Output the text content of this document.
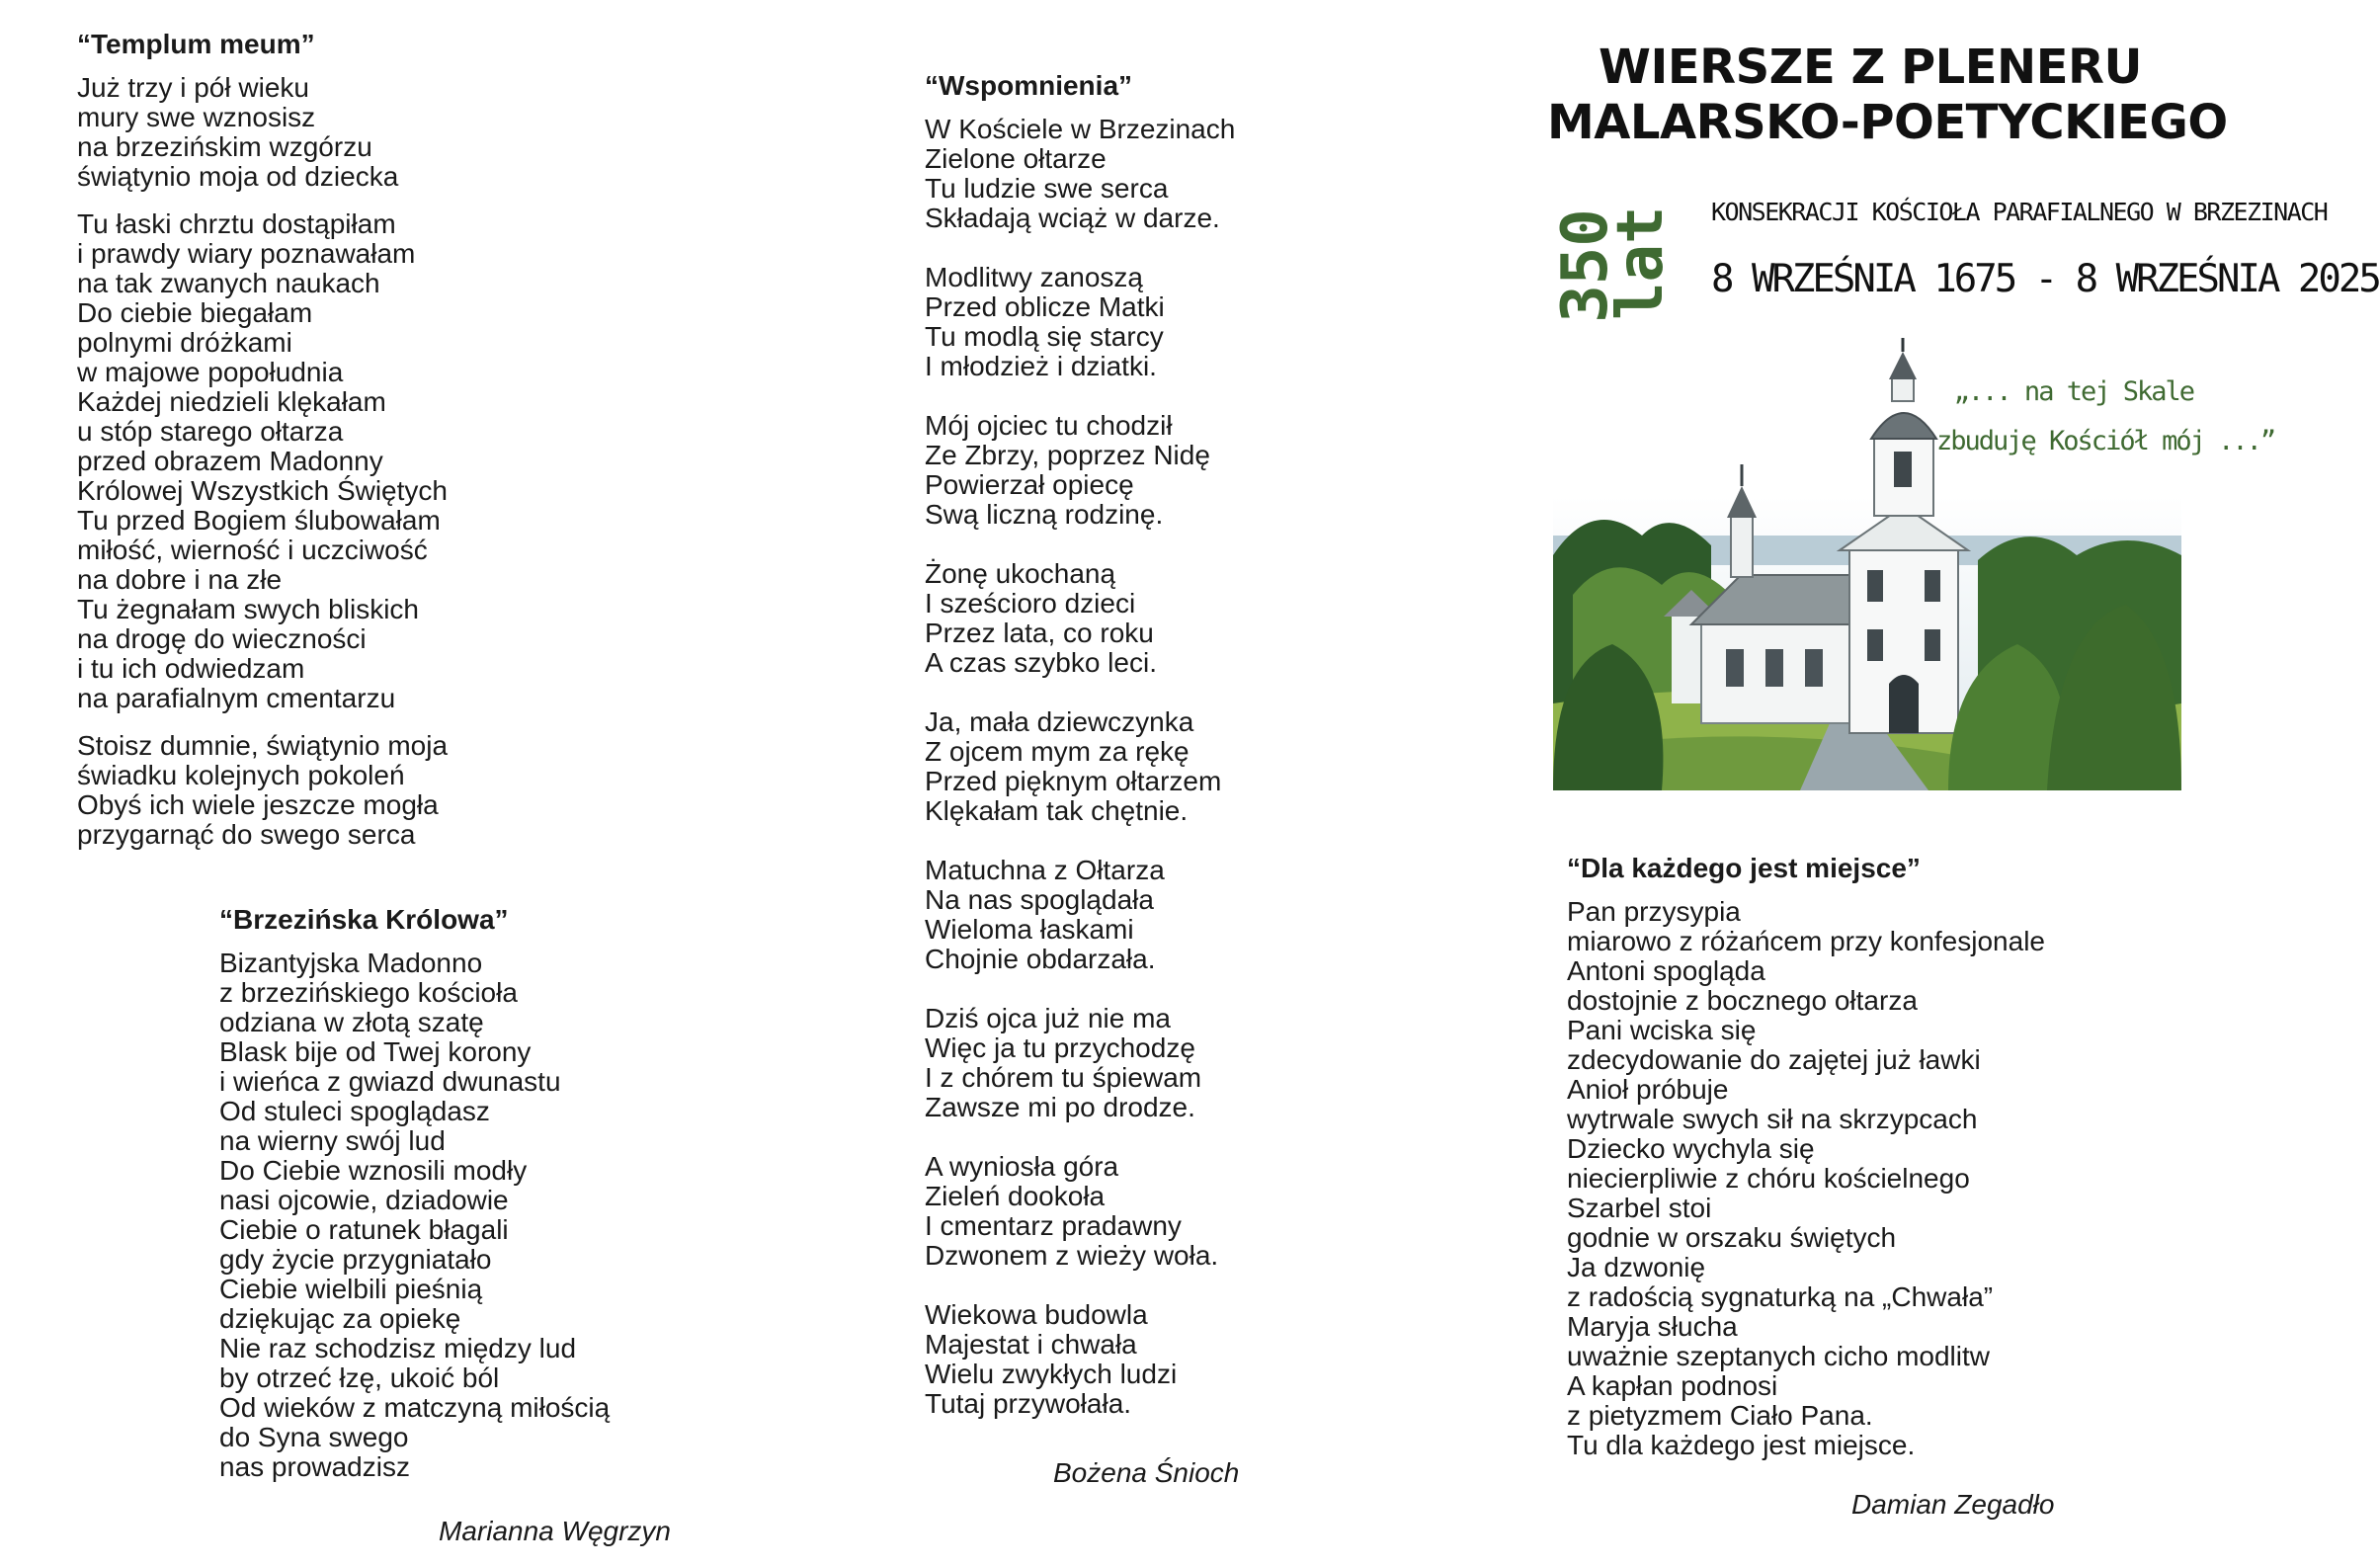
WIERSZE Z PLENERU
MALARSKO-POETYCKIEGO
350
lat KONSEKRACJI KOŚCIOŁA PARAFIALNEGO W BRZEZINACH
8 WRZEŚNIA 1675 - 8 WRZEŚNIA 2025
„... na tej Skale
zbuduję Kościół mój ...”
“Templum meum”
Już trzy i pół wieku
mury swe wznosisz
na brzezińskim wzgórzu
świątynio moja od dziecka
Tu łaski chrztu dostąpiłam
i prawdy wiary poznawałam
na tak zwanych naukach
Do ciebie biegałam
polnymi dróżkami
w majowe popołudnia
Każdej niedzieli klękałam
u stóp starego ołtarza
przed obrazem Madonny
Królowej Wszystkich Świętych
Tu przed Bogiem ślubowałam
miłość, wierność i uczciwość
na dobre i na złe
Tu żegnałam swych bliskich
na drogę do wieczności
i tu ich odwiedzam
na parafialnym cmentarzu
Stoisz dumnie, świątynio moja
świadku kolejnych pokoleń
Obyś ich wiele jeszcze mogła
przygarnąć do swego serca
“Brzezińska Królowa”
Bizantyjska Madonno
z brzezińskiego kościoła
odziana w złotą szatę
Blask bije od Twej korony
i wieńca z gwiazd dwunastu
Od stuleci spoglądasz
na wierny swój lud
Do Ciebie wznosili modły
nasi ojcowie, dziadowie
Ciebie o ratunek błagali
gdy życie przygniatało
Ciebie wielbili pieśnią
dziękując za opiekę
Nie raz schodzisz między lud
by otrzeć łzę, ukoić ból
Od wieków z matczyną miłością
do Syna swego
nas prowadzisz
Marianna Węgrzyn
“Wspomnienia”
W Kościele w Brzezinach
Zielone ołtarze
Tu ludzie swe serca
Składają wciąż w darze.
Modlitwy zanoszą
Przed oblicze Matki
Tu modlą się starcy
I młodzież i dziatki.
Mój ojciec tu chodził
Ze Zbrzy, poprzez Nidę
Powierzał opiecę
Swą liczną rodzinę.
Żonę ukochaną
I sześcioro dzieci
Przez lata, co roku
A czas szybko leci.
Ja, mała dziewczynka
Z ojcem mym za rękę
Przed pięknym ołtarzem
Klękałam tak chętnie.
Matuchna z Ołtarza
Na nas spoglądała
Wieloma łaskami
Chojnie obdarzała.
Dziś ojca już nie ma
Więc ja tu przychodzę
I z chórem tu śpiewam
Zawsze mi po drodze.
A wyniosła góra
Zieleń dookoła
I cmentarz pradawny
Dzwonem z wieży woła.
Wiekowa budowla
Majestat i chwała
Wielu zwykłych ludzi
Tutaj przywołała.
Bożena Śnioch
“Dla każdego jest miejsce”
Pan przysypia
miarowo z różańcem przy konfesjonale
Antoni spogląda
dostojnie z bocznego ołtarza
Pani wciska się
zdecydowanie do zajętej już ławki
Anioł próbuje
wytrwale swych sił na skrzypcach
Dziecko wychyla się
niecierpliwie z chóru kościelnego
Szarbel stoi
godnie w orszaku świętych
Ja dzwonię
z radością sygnaturką na „Chwała”
Maryja słucha
uważnie szeptanych cicho modlitw
A kapłan podnosi
z pietyzmem Ciało Pana.
Tu dla każdego jest miejsce.
Damian Zegadło
